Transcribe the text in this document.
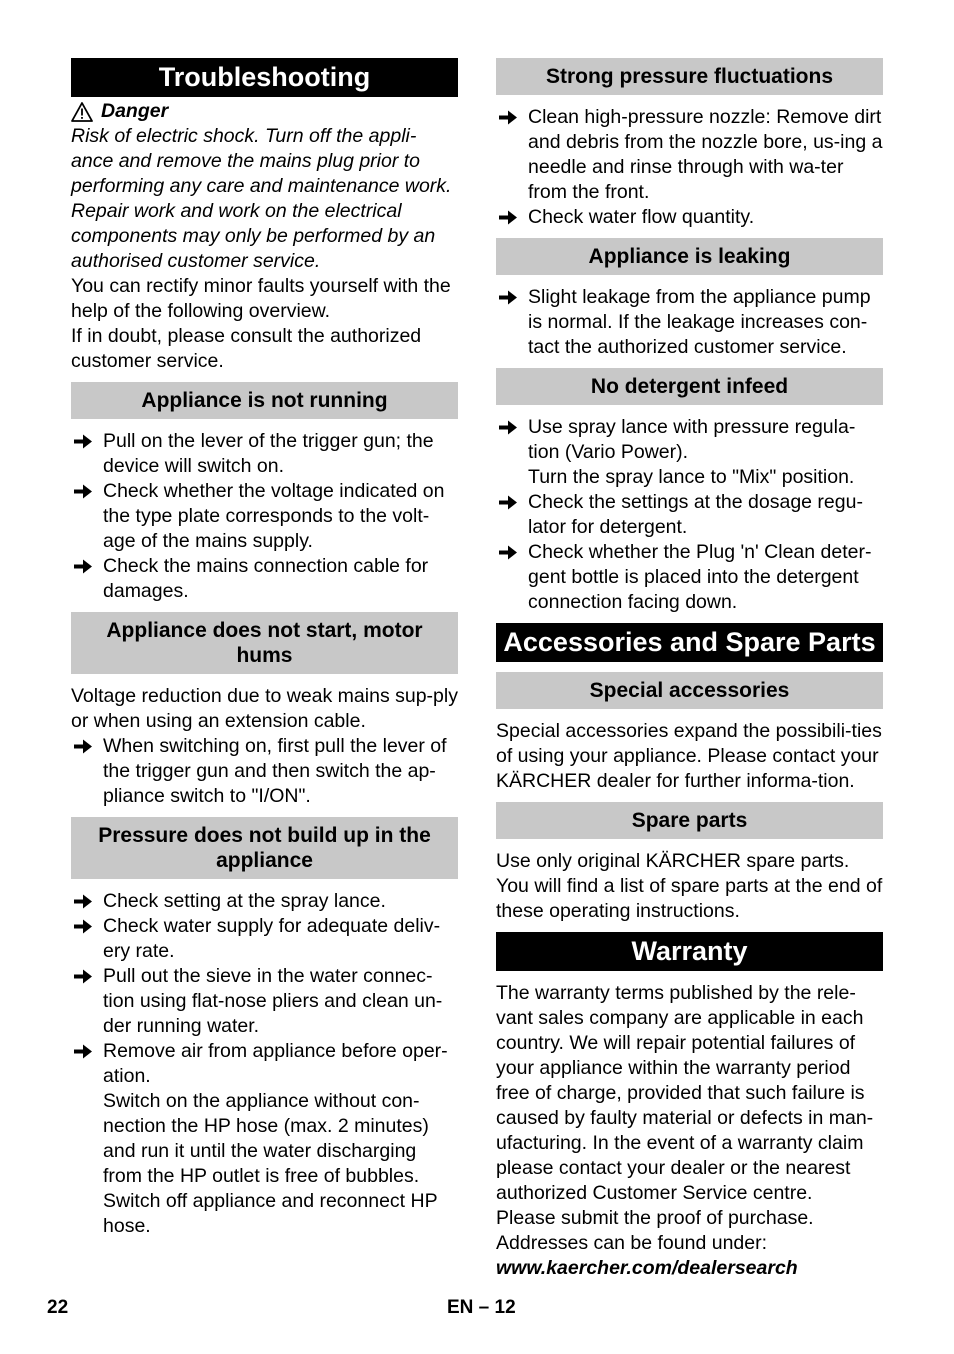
Troubleshooting
Danger

Risk of electric shock. Turn off the appli-ance and remove the mains plug prior to performing any care and maintenance work.

Repair work and work on the electrical components may only be performed by an authorised customer service.

You can rectify minor faults yourself with the help of the following overview.

If in doubt, please consult the authorized customer service.

Appliance is not running
Pull on the lever of the trigger gun; the device will switch on.
Check whether the voltage indicated on the type plate corresponds to the volt-age of the mains supply.
Check the mains connection cable for damages.
Appliance does not start, motor hums

Voltage reduction due to weak mains sup-ply or when using an extension cable.

When switching on, first pull the lever of the trigger gun and then switch the ap-pliance switch to "I/ON".
Pressure does not build up in the appliance
Check setting at the spray lance.
Check water supply for adequate deliv-ery rate.
Pull out the sieve in the water connec-tion using flat-nose pliers and clean un-der running water.
Remove air from appliance before oper-ation.
Switch on the appliance without con-nection the HP hose (max. 2 minutes) and run it until the water discharging from the HP outlet is free of bubbles. Switch off appliance and reconnect HP hose.
Strong pressure fluctuations
Clean high-pressure nozzle: Remove dirt and debris from the nozzle bore, us-ing a needle and rinse through with wa-ter from the front.
Check water flow quantity.
Appliance is leaking
Slight leakage from the appliance pump is normal. If the leakage increases con-tact the authorized customer service.
No detergent infeed
Use spray lance with pressure regula-tion (Vario Power).
Turn the spray lance to "Mix" position.
Check the settings at the dosage regu-lator for detergent.
Check whether the Plug 'n' Clean deter-gent bottle is placed into the detergent connection facing down.
Accessories and Spare Parts
Special accessories

Special accessories expand the possibili-ties of using your appliance. Please contact your KÄRCHER dealer for further informa-tion.

Spare parts

Use only original KÄRCHER spare parts.

You will find a list of spare parts at the end of these operating instructions.

Warranty

The warranty terms published by the rele-vant sales company are applicable in each country. We will repair potential failures of your appliance within the warranty period free of charge, provided that such failure is caused by faulty material or defects in man-ufacturing. In the event of a warranty claim please contact your dealer or the nearest authorized Customer Service centre.

Please submit the proof of purchase.

Addresses can be found under:

www.kaercher.com/dealersearch

22	EN – 12
